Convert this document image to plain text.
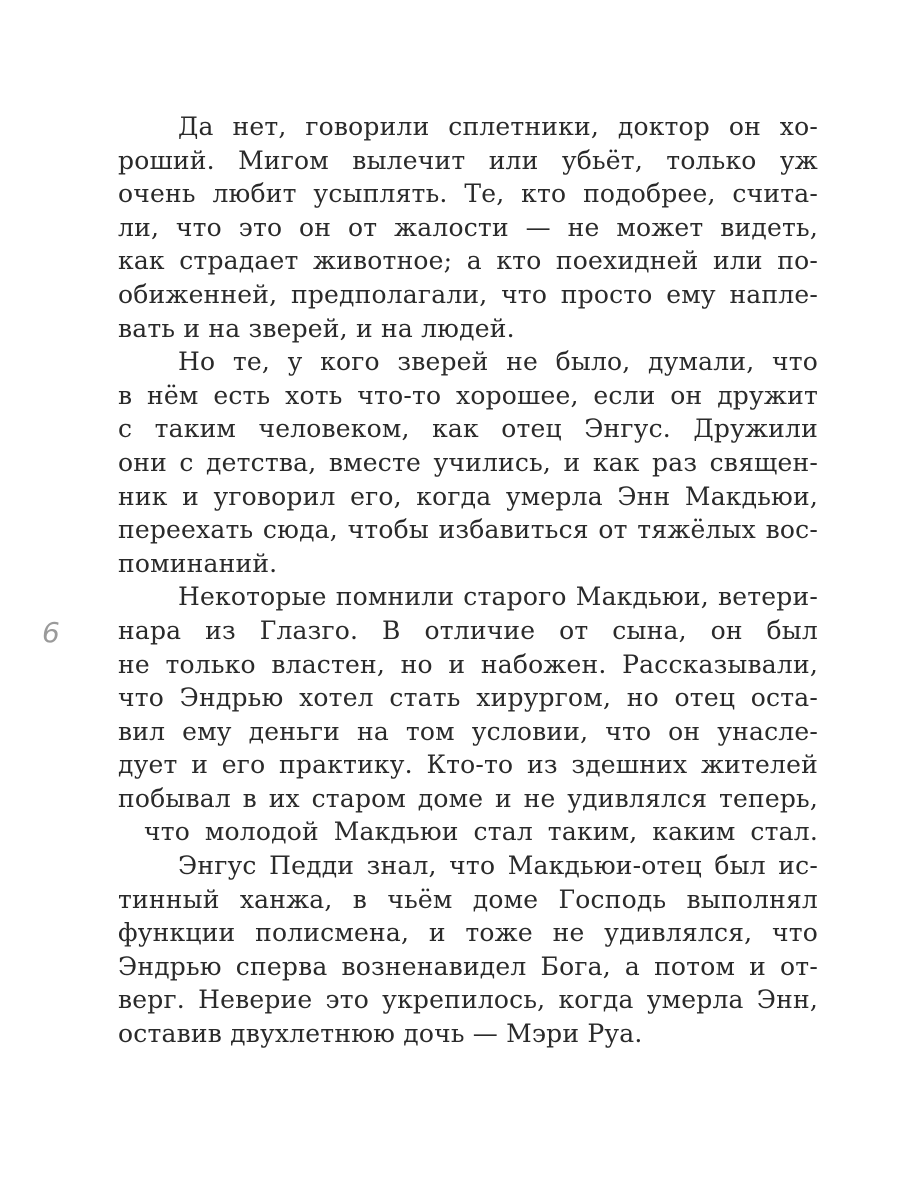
6
Да нет, говорили сплетники, доктор он хо-
роший. Мигом вылечит или убьёт, только уж
очень любит усыплять. Те, кто подобрее, счита-
ли, что это он от жалости — не может видеть,
как страдает животное; а кто поехидней или по-
обиженней, предполагали, что просто ему напле-
вать и на зверей, и на людей.
Но те, у кого зверей не было, думали, что
в нём есть хоть что-то хорошее, если он дружит
с таким человеком, как отец Энгус. Дружили
они с детства, вместе учились, и как раз священ-
ник и уговорил его, когда умерла Энн Макдьюи,
переехать сюда, чтобы избавиться от тяжёлых вос-
поминаний.
Некоторые помнили старого Макдьюи, ветери-
нара из Глазго. В отличие от сына, он был
не только властен, но и набожен. Рассказывали,
что Эндрью хотел стать хирургом, но отец оста-
вил ему деньги на том условии, что он унасле-
дует и его практику. Кто-то из здешних жителей
побывал в их старом доме и не удивлялся теперь,
что молодой Макдьюи стал таким, каким стал.
Энгус Педди знал, что Макдьюи-отец был ис-
тинный ханжа, в чьём доме Господь выполнял
функции полисмена, и тоже не удивлялся, что
Эндрью сперва возненавидел Бога, а потом и от-
верг. Неверие это укрепилось, когда умерла Энн,
оставив двухлетнюю дочь — Мэри Руа.
